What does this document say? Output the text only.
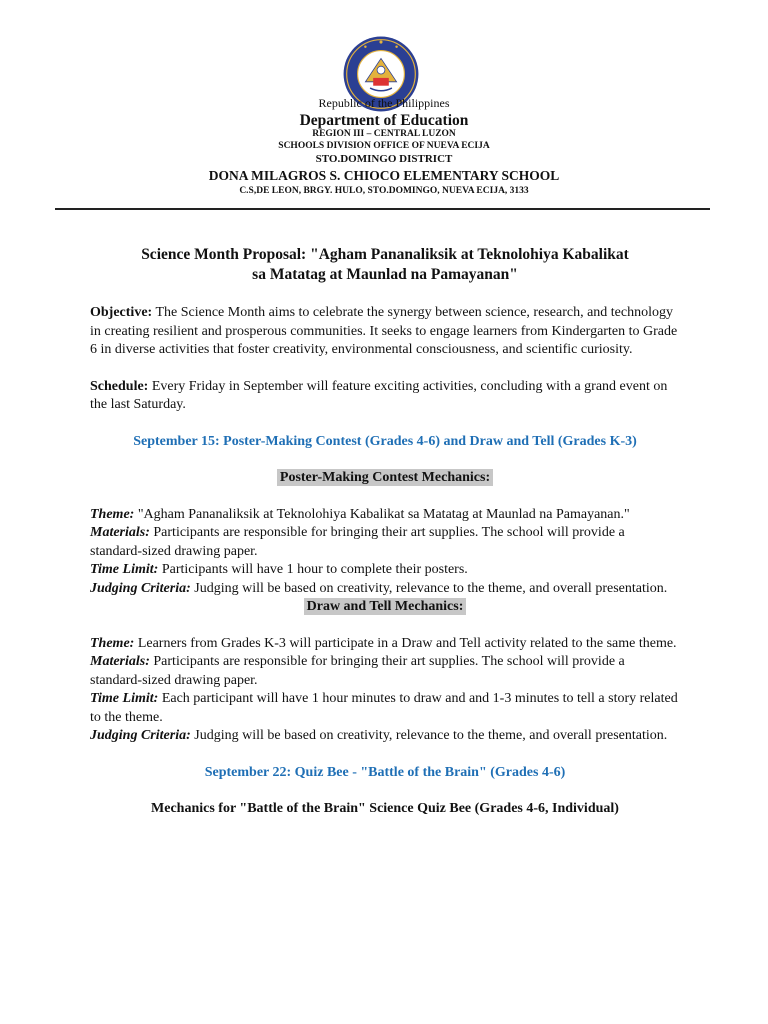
Republic of the Philippines
Department of Education
REGION III – CENTRAL LUZON
SCHOOLS DIVISION OFFICE OF NUEVA ECIJA
STO.DOMINGO DISTRICT
DONA MILAGROS S. CHIOCO ELEMENTARY SCHOOL
C.S,DE LEON, BRGY. HULO, STO.DOMINGO, NUEVA ECIJA, 3133
Science Month Proposal: "Agham Pananaliksik at Teknolohiya Kabalikat
sa Matatag at Maunlad na Pamayanan"

Objective: The Science Month aims to celebrate the synergy between science, research, and technology in creating resilient and prosperous communities. It seeks to engage learners from Kindergarten to Grade 6 in diverse activities that foster creativity, environmental consciousness, and scientific curiosity.

Schedule: Every Friday in September will feature exciting activities, concluding with a grand event on the last Saturday.

September 15: Poster-Making Contest (Grades 4-6) and Draw and Tell (Grades K-3)

Poster-Making Contest Mechanics:

Theme: "Agham Pananaliksik at Teknolohiya Kabalikat sa Matatag at Maunlad na Pamayanan."

Materials: Participants are responsible for bringing their art supplies. The school will provide a standard-sized drawing paper.

Time Limit: Participants will have 1 hour to complete their posters.

Judging Criteria: Judging will be based on creativity, relevance to the theme, and overall presentation.

Draw and Tell Mechanics:

Theme: Learners from Grades K-3 will participate in a Draw and Tell activity related to the same theme.

Materials: Participants are responsible for bringing their art supplies. The school will provide a standard-sized drawing paper.

Time Limit: Each participant will have 1 hour minutes to draw and and 1-3 minutes to tell a story related to the theme.

Judging Criteria: Judging will be based on creativity, relevance to the theme, and overall presentation.

September 22: Quiz Bee - "Battle of the Brain" (Grades 4-6)

Mechanics for "Battle of the Brain" Science Quiz Bee (Grades 4-6, Individual)
